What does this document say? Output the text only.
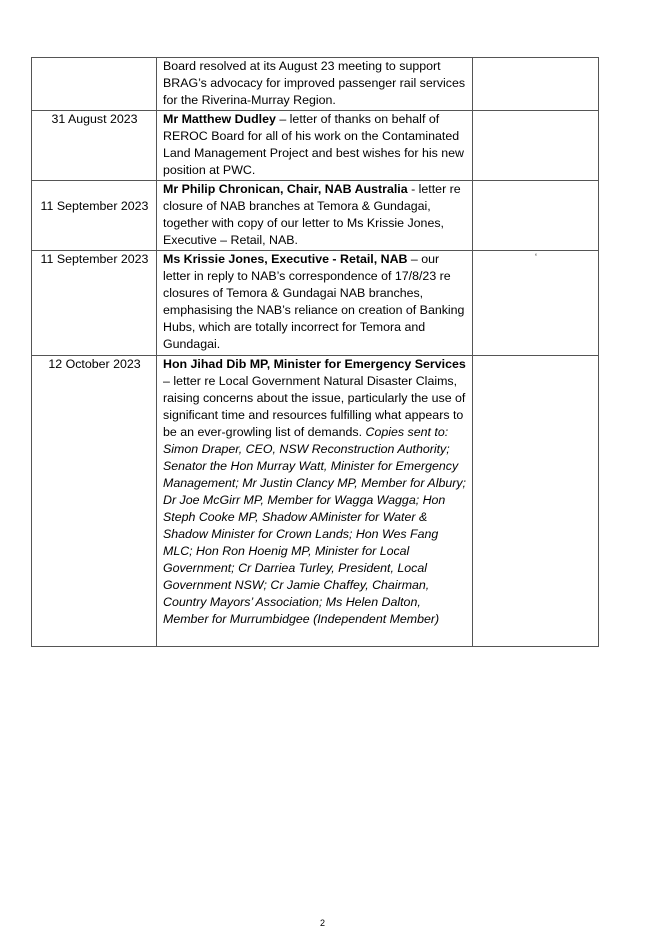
	Board resolved at its August 23 meeting to support BRAG’s advocacy for improved passenger rail services for the Riverina-Murray Region.	
31 August 2023	Mr Matthew Dudley – letter of thanks on behalf of REROC Board for all of his work on the Contaminated Land Management Project and best wishes for his new position at PWC.	
11 September 2023	Mr Philip Chronican, Chair, NAB Australia - letter re closure of NAB branches at Temora & Gundagai, together with copy of our letter to Ms Krissie Jones, Executive – Retail, NAB.	
11 September 2023	Ms Krissie Jones, Executive - Retail, NAB – our letter in reply to NAB’s correspondence of 17/8/23 re closures of Temora & Gundagai NAB branches, emphasising the NAB’s reliance on creation of Banking Hubs, which are totally incorrect for Temora and Gundagai.	‘
12 October 2023	Hon Jihad Dib MP, Minister for Emergency Services – letter re Local Government Natural Disaster Claims, raising concerns about the issue, particularly the use of significant time and resources fulfilling what appears to be an ever-growling list of demands. Copies sent to: Simon Draper, CEO, NSW Reconstruction Authority; Senator the Hon Murray Watt, Minister for Emergency Management; Mr Justin Clancy MP, Member for Albury; Dr Joe McGirr MP, Member for Wagga Wagga; Hon Steph Cooke MP, Shadow AMinister for Water & Shadow Minister for Crown Lands; Hon Wes Fang MLC; Hon Ron Hoenig MP, Minister for Local Government; Cr Darriea Turley, President, Local Government NSW; Cr Jamie Chaffey, Chairman, Country Mayors’ Association; Ms Helen Dalton, Member for Murrumbidgee (Independent Member)	
2
